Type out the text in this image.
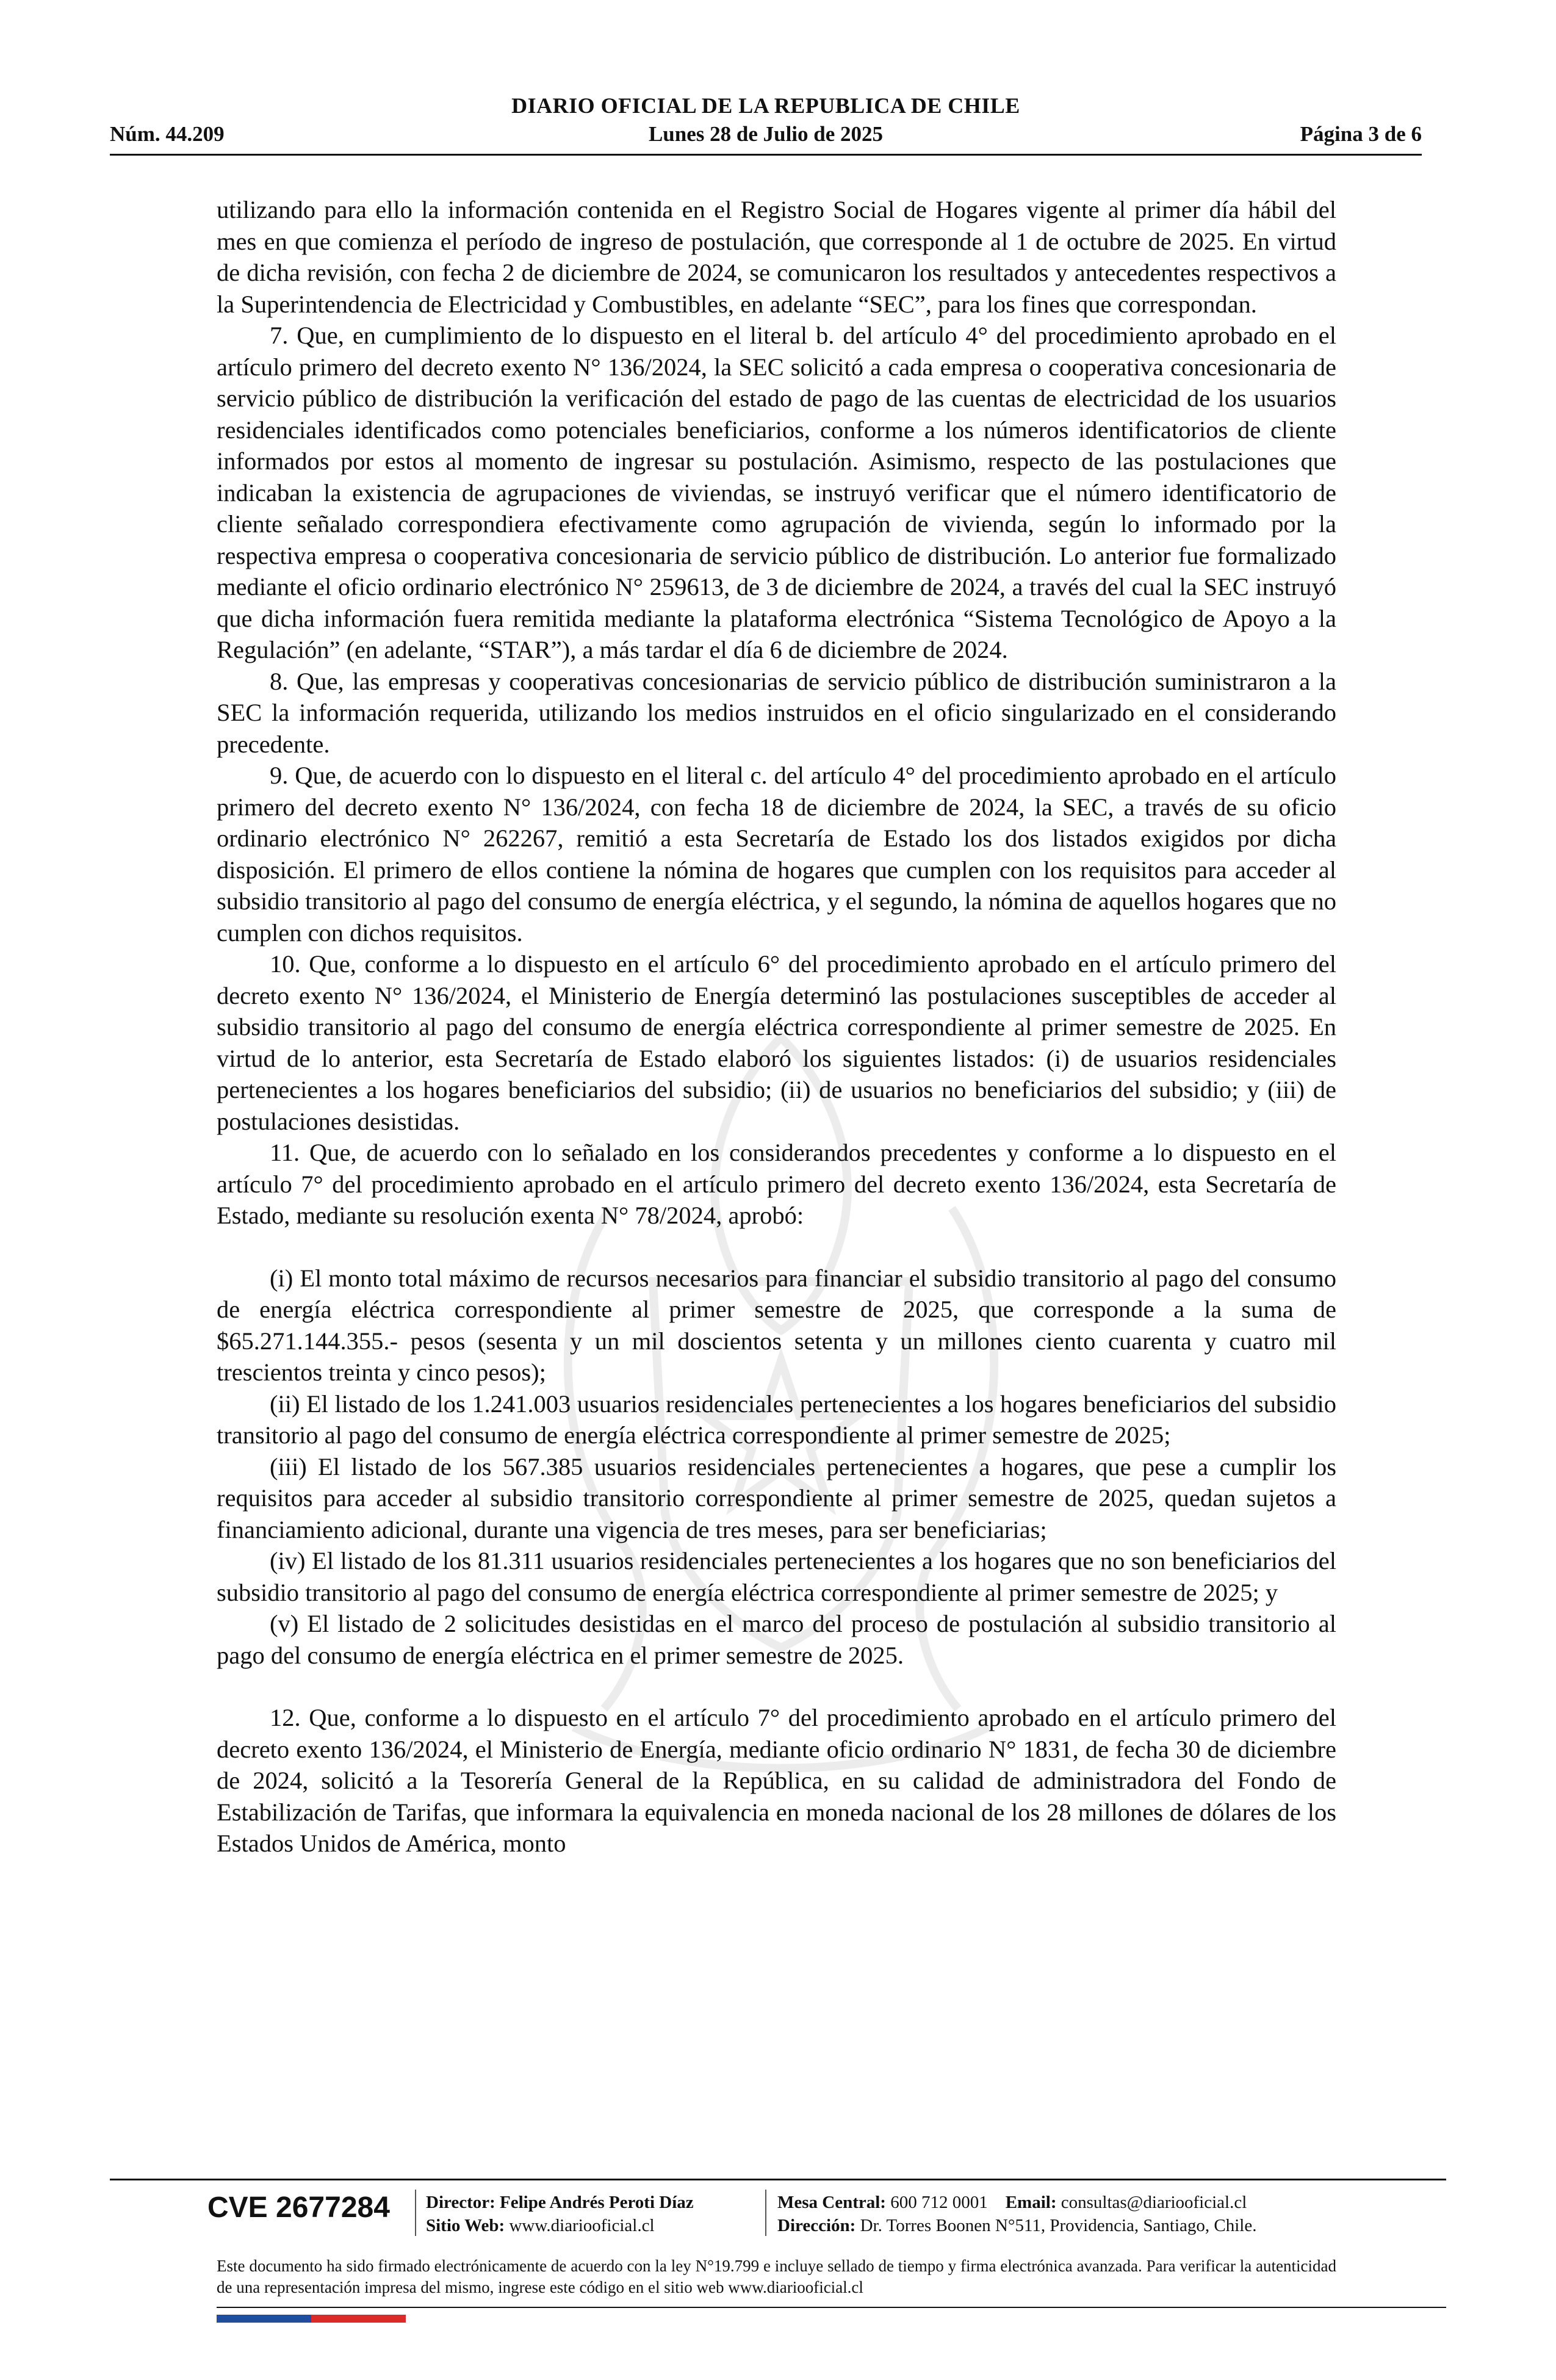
DIARIO OFICIAL DE LA REPUBLICA DE CHILE
Núm. 44.209	Lunes 28 de Julio de 2025	Página 3 de 6

utilizando para ello la información contenida en el Registro Social de Hogares vigente al primer día hábil del mes en que comienza el período de ingreso de postulación, que corresponde al 1 de octubre de 2025. En virtud de dicha revisión, con fecha 2 de diciembre de 2024, se comunicaron los resultados y antecedentes respectivos a la Superintendencia de Electricidad y Combustibles, en adelante “SEC”, para los fines que correspondan.

7. Que, en cumplimiento de lo dispuesto en el literal b. del artículo 4° del procedimiento aprobado en el artículo primero del decreto exento N° 136/2024, la SEC solicitó a cada empresa o cooperativa concesionaria de servicio público de distribución la verificación del estado de pago de las cuentas de electricidad de los usuarios residenciales identificados como potenciales beneficiarios, conforme a los números identificatorios de cliente informados por estos al momento de ingresar su postulación. Asimismo, respecto de las postulaciones que indicaban la existencia de agrupaciones de viviendas, se instruyó verificar que el número identificatorio de cliente señalado correspondiera efectivamente como agrupación de vivienda, según lo informado por la respectiva empresa o cooperativa concesionaria de servicio público de distribución. Lo anterior fue formalizado mediante el oficio ordinario electrónico N° 259613, de 3 de diciembre de 2024, a través del cual la SEC instruyó que dicha información fuera remitida mediante la plataforma electrónica “Sistema Tecnológico de Apoyo a la Regulación” (en adelante, “STAR”), a más tardar el día 6 de diciembre de 2024.

8. Que, las empresas y cooperativas concesionarias de servicio público de distribución suministraron a la SEC la información requerida, utilizando los medios instruidos en el oficio singularizado en el considerando precedente.

9. Que, de acuerdo con lo dispuesto en el literal c. del artículo 4° del procedimiento aprobado en el artículo primero del decreto exento N° 136/2024, con fecha 18 de diciembre de 2024, la SEC, a través de su oficio ordinario electrónico N° 262267, remitió a esta Secretaría de Estado los dos listados exigidos por dicha disposición. El primero de ellos contiene la nómina de hogares que cumplen con los requisitos para acceder al subsidio transitorio al pago del consumo de energía eléctrica, y el segundo, la nómina de aquellos hogares que no cumplen con dichos requisitos.

10. Que, conforme a lo dispuesto en el artículo 6° del procedimiento aprobado en el artículo primero del decreto exento N° 136/2024, el Ministerio de Energía determinó las postulaciones susceptibles de acceder al subsidio transitorio al pago del consumo de energía eléctrica correspondiente al primer semestre de 2025. En virtud de lo anterior, esta Secretaría de Estado elaboró los siguientes listados: (i) de usuarios residenciales pertenecientes a los hogares beneficiarios del subsidio; (ii) de usuarios no beneficiarios del subsidio; y (iii) de postulaciones desistidas.

11. Que, de acuerdo con lo señalado en los considerandos precedentes y conforme a lo dispuesto en el artículo 7° del procedimiento aprobado en el artículo primero del decreto exento 136/2024, esta Secretaría de Estado, mediante su resolución exenta N° 78/2024, aprobó:

(i) El monto total máximo de recursos necesarios para financiar el subsidio transitorio al pago del consumo de energía eléctrica correspondiente al primer semestre de 2025, que corresponde a la suma de $65.271.144.355.- pesos (sesenta y un mil doscientos setenta y un millones ciento cuarenta y cuatro mil trescientos treinta y cinco pesos);

(ii) El listado de los 1.241.003 usuarios residenciales pertenecientes a los hogares beneficiarios del subsidio transitorio al pago del consumo de energía eléctrica correspondiente al primer semestre de 2025;

(iii) El listado de los 567.385 usuarios residenciales pertenecientes a hogares, que pese a cumplir los requisitos para acceder al subsidio transitorio correspondiente al primer semestre de 2025, quedan sujetos a financiamiento adicional, durante una vigencia de tres meses, para ser beneficiarias;

(iv) El listado de los 81.311 usuarios residenciales pertenecientes a los hogares que no son beneficiarios del subsidio transitorio al pago del consumo de energía eléctrica correspondiente al primer semestre de 2025; y

(v) El listado de 2 solicitudes desistidas en el marco del proceso de postulación al subsidio transitorio al pago del consumo de energía eléctrica en el primer semestre de 2025.

12. Que, conforme a lo dispuesto en el artículo 7° del procedimiento aprobado en el artículo primero del decreto exento 136/2024, el Ministerio de Energía, mediante oficio ordinario N° 1831, de fecha 30 de diciembre de 2024, solicitó a la Tesorería General de la República, en su calidad de administradora del Fondo de Estabilización de Tarifas, que informara la equivalencia en moneda nacional de los 28 millones de dólares de los Estados Unidos de América, monto

CVE 2677284 Director: Felipe Andrés Peroti Díaz
Sitio Web: www.diariooficial.cl
Mesa Central: 600 712 0001 Email: consultas@diariooficial.cl
Dirección: Dr. Torres Boonen N°511, Providencia, Santiago, Chile.
Este documento ha sido firmado electrónicamente de acuerdo con la ley N°19.799 e incluye sellado de tiempo y firma electrónica avanzada. Para verificar la autenticidad de una representación impresa del mismo, ingrese este código en el sitio web www.diariooficial.cl
